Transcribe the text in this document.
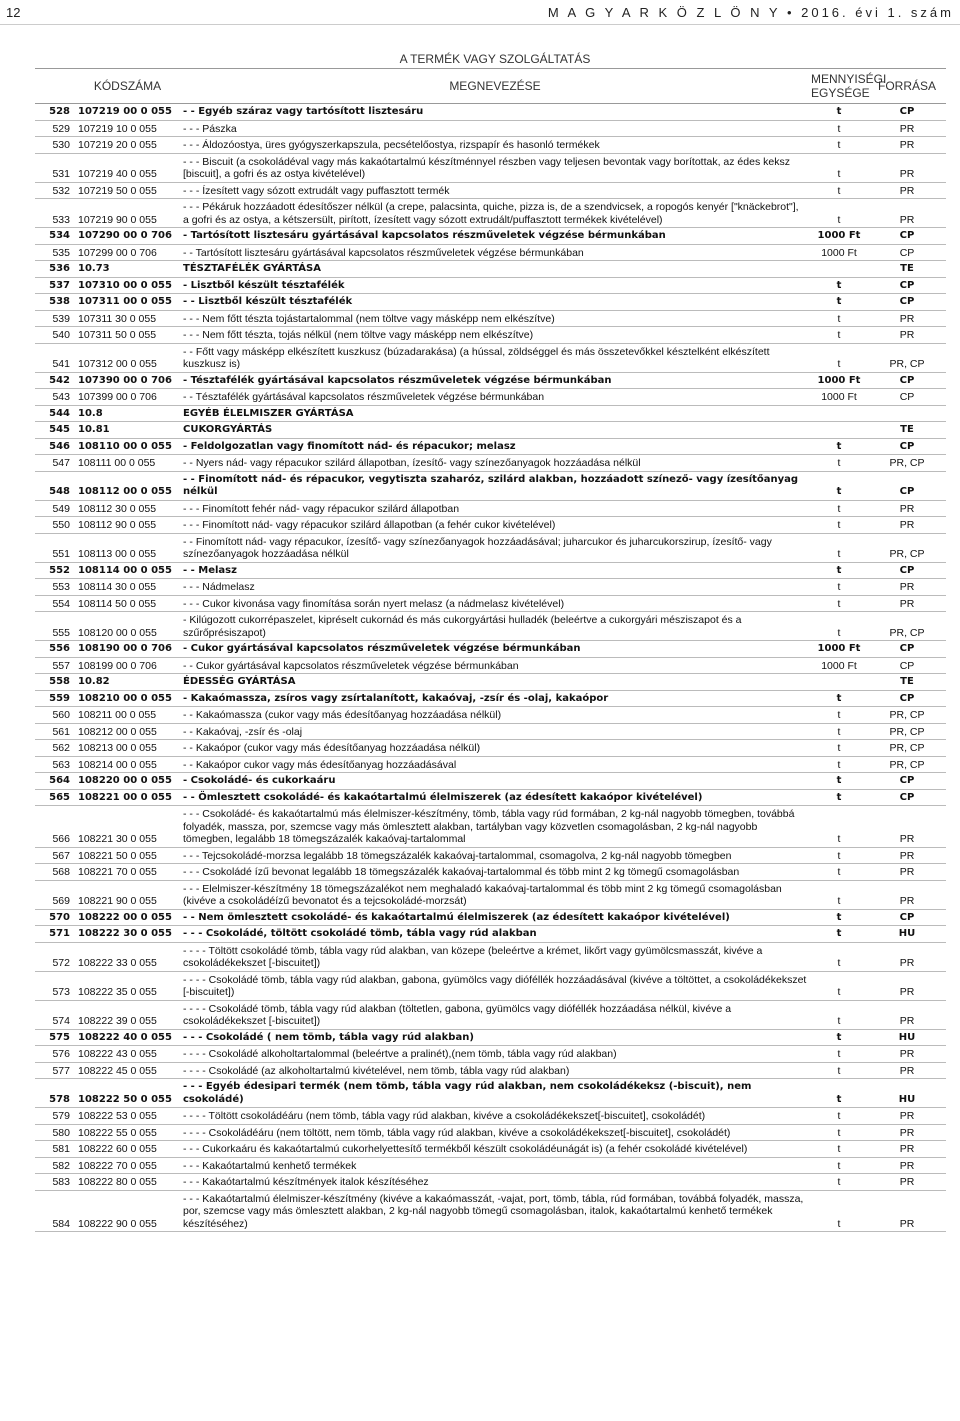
12	M A G Y A R K Ö Z L Ö N Y • 2016. évi 1. szám
		A TERMÉK VAGY SZOLGÁLTATÁS		
	KÓDSZÁMA	MEGNEVEZÉSE	MENNYISÉGI EGYSÉGE	FORRÁSA
528	107219 00 0 055	- - Egyéb száraz vagy tartósított lisztesáru	t	CP
529	107219 10 0 055	- - - Pászka	t	PR
530	107219 20 0 055	- - - Áldozóostya, üres gyógyszerkapszula, pecsételőostya, rizspapír és hasonló termékek	t	PR
531	107219 40 0 055	- - - Biscuit (a csokoládéval vagy más kakaótartalmú készítménnyel részben vagy teljesen bevontak vagy borítottak, az édes keksz [biscuit], a gofri és az ostya kivételével)	t	PR
532	107219 50 0 055	- - - Ízesített vagy sózott extrudált vagy puffasztott termék	t	PR
533	107219 90 0 055	- - - Pékáruk hozzáadott édesítőszer nélkül (a crepe, palacsinta, quiche, pizza is, de a szendvicsek, a ropogós kenyér ["knäckebrot"], a gofri és az ostya, a kétszersült, pirított, ízesített vagy sózott extrudált/puffasztott termékek kivételével)	t	PR
534	107290 00 0 706	- Tartósított lisztesáru gyártásával kapcsolatos részműveletek végzése bérmunkában	1000 Ft	CP
535	107299 00 0 706	- - Tartósított lisztesáru gyártásával kapcsolatos részműveletek végzése bérmunkában	1000 Ft	CP
536	10.73	TÉSZTAFÉLÉK GYÁRTÁSA		TE
537	107310 00 0 055	- Lisztből készült tésztafélék	t	CP
538	107311 00 0 055	- - Lisztből készült tésztafélék	t	CP
539	107311 30 0 055	- - - Nem főtt tészta tojástartalommal (nem töltve vagy másképp nem elkészítve)	t	PR
540	107311 50 0 055	- - - Nem főtt tészta, tojás nélkül (nem töltve vagy másképp nem elkészítve)	t	PR
541	107312 00 0 055	- - Főtt vagy másképp elkészített kuszkusz (búzadarakása) (a hússal, zöldséggel és más összetevőkkel késztelként elkészített kuszkusz is)	t	PR, CP
542	107390 00 0 706	- Tésztafélék gyártásával kapcsolatos részműveletek végzése bérmunkában	1000 Ft	CP
543	107399 00 0 706	- - Tésztafélék gyártásával kapcsolatos részműveletek végzése bérmunkában	1000 Ft	CP
544	10.8	EGYÉB ÉLELMISZER GYÁRTÁSA		
545	10.81	CUKORGYÁRTÁS		TE
546	108110 00 0 055	- Feldolgozatlan vagy finomított nád- és répacukor; melasz	t	CP
547	108111 00 0 055	- - Nyers nád- vagy répacukor szilárd állapotban, ízesítő- vagy színezőanyagok hozzáadása nélkül	t	PR, CP
548	108112 00 0 055	- - Finomított nád- és répacukor, vegytiszta szaharóz, szilárd alakban, hozzáadott színező- vagy ízesítőanyag nélkül	t	CP
549	108112 30 0 055	- - - Finomított fehér nád- vagy répacukor szilárd állapotban	t	PR
550	108112 90 0 055	- - - Finomított nád- vagy répacukor szilárd állapotban (a fehér cukor kivételével)	t	PR
551	108113 00 0 055	- - Finomított nád- vagy répacukor, ízesítő- vagy színezőanyagok hozzáadásával; juharcukor és juharcukorszirup, ízesítő- vagy színezőanyagok hozzáadása nélkül	t	PR, CP
552	108114 00 0 055	- - Melasz	t	CP
553	108114 30 0 055	- - - Nádmelasz	t	PR
554	108114 50 0 055	- - - Cukor kivonása vagy finomítása során nyert melasz (a nádmelasz kivételével)	t	PR
555	108120 00 0 055	- Kilúgozott cukorrépaszelet, kipréselt cukornád és más cukorgyártási hulladék (beleértve a cukorgyári mésziszapot és a szűrőprésiszapot)	t	PR, CP
556	108190 00 0 706	- Cukor gyártásával kapcsolatos részműveletek végzése bérmunkában	1000 Ft	CP
557	108199 00 0 706	- - Cukor gyártásával kapcsolatos részműveletek végzése bérmunkában	1000 Ft	CP
558	10.82	ÉDESSÉG GYÁRTÁSA		TE
559	108210 00 0 055	- Kakaómassza, zsíros vagy zsírtalanított, kakaóvaj, -zsír és -olaj, kakaópor	t	CP
560	108211 00 0 055	- - Kakaómassza (cukor vagy más édesítőanyag hozzáadása nélkül)	t	PR, CP
561	108212 00 0 055	- - Kakaóvaj, -zsír és -olaj	t	PR, CP
562	108213 00 0 055	- - Kakaópor (cukor vagy más édesítőanyag hozzáadása nélkül)	t	PR, CP
563	108214 00 0 055	- - Kakaópor cukor vagy más édesítőanyag hozzáadásával	t	PR, CP
564	108220 00 0 055	- Csokoládé- és cukorkaáru	t	CP
565	108221 00 0 055	- - Ömlesztett csokoládé- és kakaótartalmú élelmiszerek (az édesített kakaópor kivételével)	t	CP
566	108221 30 0 055	- - - Csokoládé- és kakaótartalmú más élelmiszer-készítmény, tömb, tábla vagy rúd formában, 2 kg-nál nagyobb tömegben, továbbá folyadék, massza, por, szemcse vagy más ömlesztett alakban, tartályban vagy közvetlen csomagolásban, 2 kg-nál nagyobb tömegben, legalább 18 tömegszázalék kakaóvaj-tartalommal	t	PR
567	108221 50 0 055	- - - Tejcsokoládé-morzsa legalább 18 tömegszázalék kakaóvaj-tartalommal, csomagolva, 2 kg-nál nagyobb tömegben	t	PR
568	108221 70 0 055	- - - Csokoládé ízű bevonat legalább 18 tömegszázalék kakaóvaj-tartalommal és több mint 2 kg tömegű csomagolásban	t	PR
569	108221 90 0 055	- - - Elelmiszer-készítmény 18 tömegszázalékot nem meghaladó kakaóvaj-tartalommal és több mint 2 kg tömegű csomagolásban (kivéve a csokoládéízű bevonatot és a tejcsokoládé-morzsát)	t	PR
570	108222 00 0 055	- - Nem ömlesztett csokoládé- és kakaótartalmú élelmiszerek (az édesített kakaópor kivételével)	t	CP
571	108222 30 0 055	- - - Csokoládé, töltött csokoládé tömb, tábla vagy rúd alakban	t	HU
572	108222 33 0 055	- - - - Töltött csokoládé tömb, tábla vagy rúd alakban, van közepe (beleértve a krémet, likőrt vagy gyümölcsmasszát, kivéve a csokoládékekszet [-biscuitet])	t	PR
573	108222 35 0 055	- - - - Csokoládé tömb, tábla vagy rúd alakban, gabona, gyümölcs vagy dióféllék hozzáadásával (kivéve a töltöttet, a csokoládékekszet [-biscuitet])	t	PR
574	108222 39 0 055	- - - - Csokoládé tömb, tábla vagy rúd alakban (töltetlen, gabona, gyümölcs vagy dióféllék hozzáadása nélkül, kivéve a csokoládékekszet [-biscuitet])	t	PR
575	108222 40 0 055	- - - Csokoládé ( nem tömb, tábla vagy rúd alakban)	t	HU
576	108222 43 0 055	- - - - Csokoládé alkoholtartalommal (beleértve a pralinét),(nem tömb, tábla vagy rúd alakban)	t	PR
577	108222 45 0 055	- - - - Csokoládé (az alkoholtartalmú kivételével, nem tömb, tábla vagy rúd alakban)	t	PR
578	108222 50 0 055	- - - Egyéb édesipari termék (nem tömb, tábla vagy rúd alakban, nem csokoládékeksz (-biscuit), nem csokoládé)	t	HU
579	108222 53 0 055	- - - - Töltött csokoládéáru (nem tömb, tábla vagy rúd alakban, kivéve a csokoládékekszet[-biscuitet], csokoládét)	t	PR
580	108222 55 0 055	- - - - Csokoládéáru (nem töltött, nem tömb, tábla vagy rúd alakban, kivéve a csokoládékekszet[-biscuitet], csokoládét)	t	PR
581	108222 60 0 055	- - - Cukorkaáru és kakaótartalmú cukorhelyettesítő termékből készült csokoládéunágát is) (a fehér csokoládé kivételével)	t	PR
582	108222 70 0 055	- - - Kakaótartalmú kenhető termékek	t	PR
583	108222 80 0 055	- - - Kakaótartalmú készítmények italok készítéséhez	t	PR
584	108222 90 0 055	- - - Kakaótartalmú élelmiszer-készítmény (kivéve a kakaómasszát, -vajat, port, tömb, tábla, rúd formában, továbbá folyadék, massza, por, szemcse vagy más ömlesztett alakban, 2 kg-nál nagyobb tömegű csomagolásban, italok, kakaótartalmú kenhető termékek készítéséhez)	t	PR
